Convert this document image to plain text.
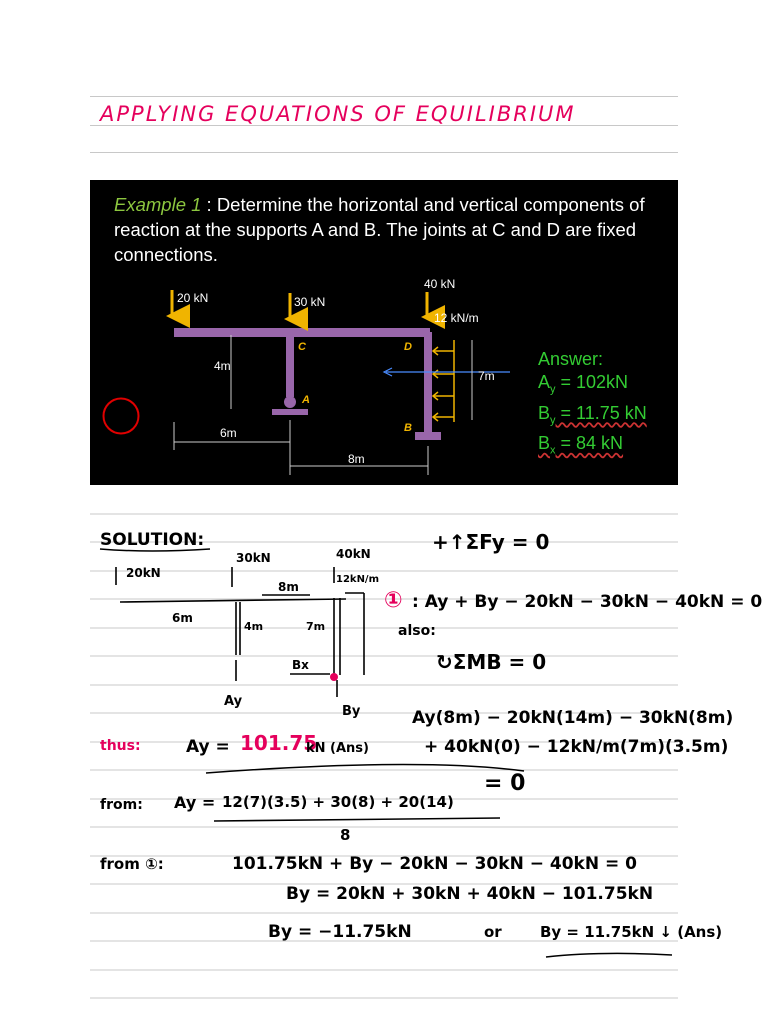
APPLYING EQUATIONS OF EQUILIBRIUM
Example 1 : Determine the horizontal and vertical components of reaction at the supports A and B. The joints at C and D are fixed connections.
20 kN	30 kN
40 kN
12 kN/m
4m
6m
8m
7m
C	D
A
B
Answer:
$A_y = 102kN$
$B_y = 11.75$ kN
$B_x = 84$ kN
SOLUTION:
20kN
30kN	40kN
12kN/m
8m
6m
4m	7m
Bx
Ay
By
+↑ΣFy = 0
① : Ay + By − 20kN − 30kN − 40kN = 0
also:
↻ΣMB = 0
Ay(8m) − 20kN(14m) − 30kN(8m)
+ 40kN(0) − 12kN/m(7m)(3.5m)
= 0
thus:	Ay = 101.75
kN (Ans)
from: Ay = 12(7)(3.5) + 30(8) + 20(14)
8
from ①:	101.75kN + By − 20kN − 30kN − 40kN = 0
By = 20kN + 30kN + 40kN − 101.75kN
By = −11.75kN	or	By = 11.75kN ↓ (Ans)
